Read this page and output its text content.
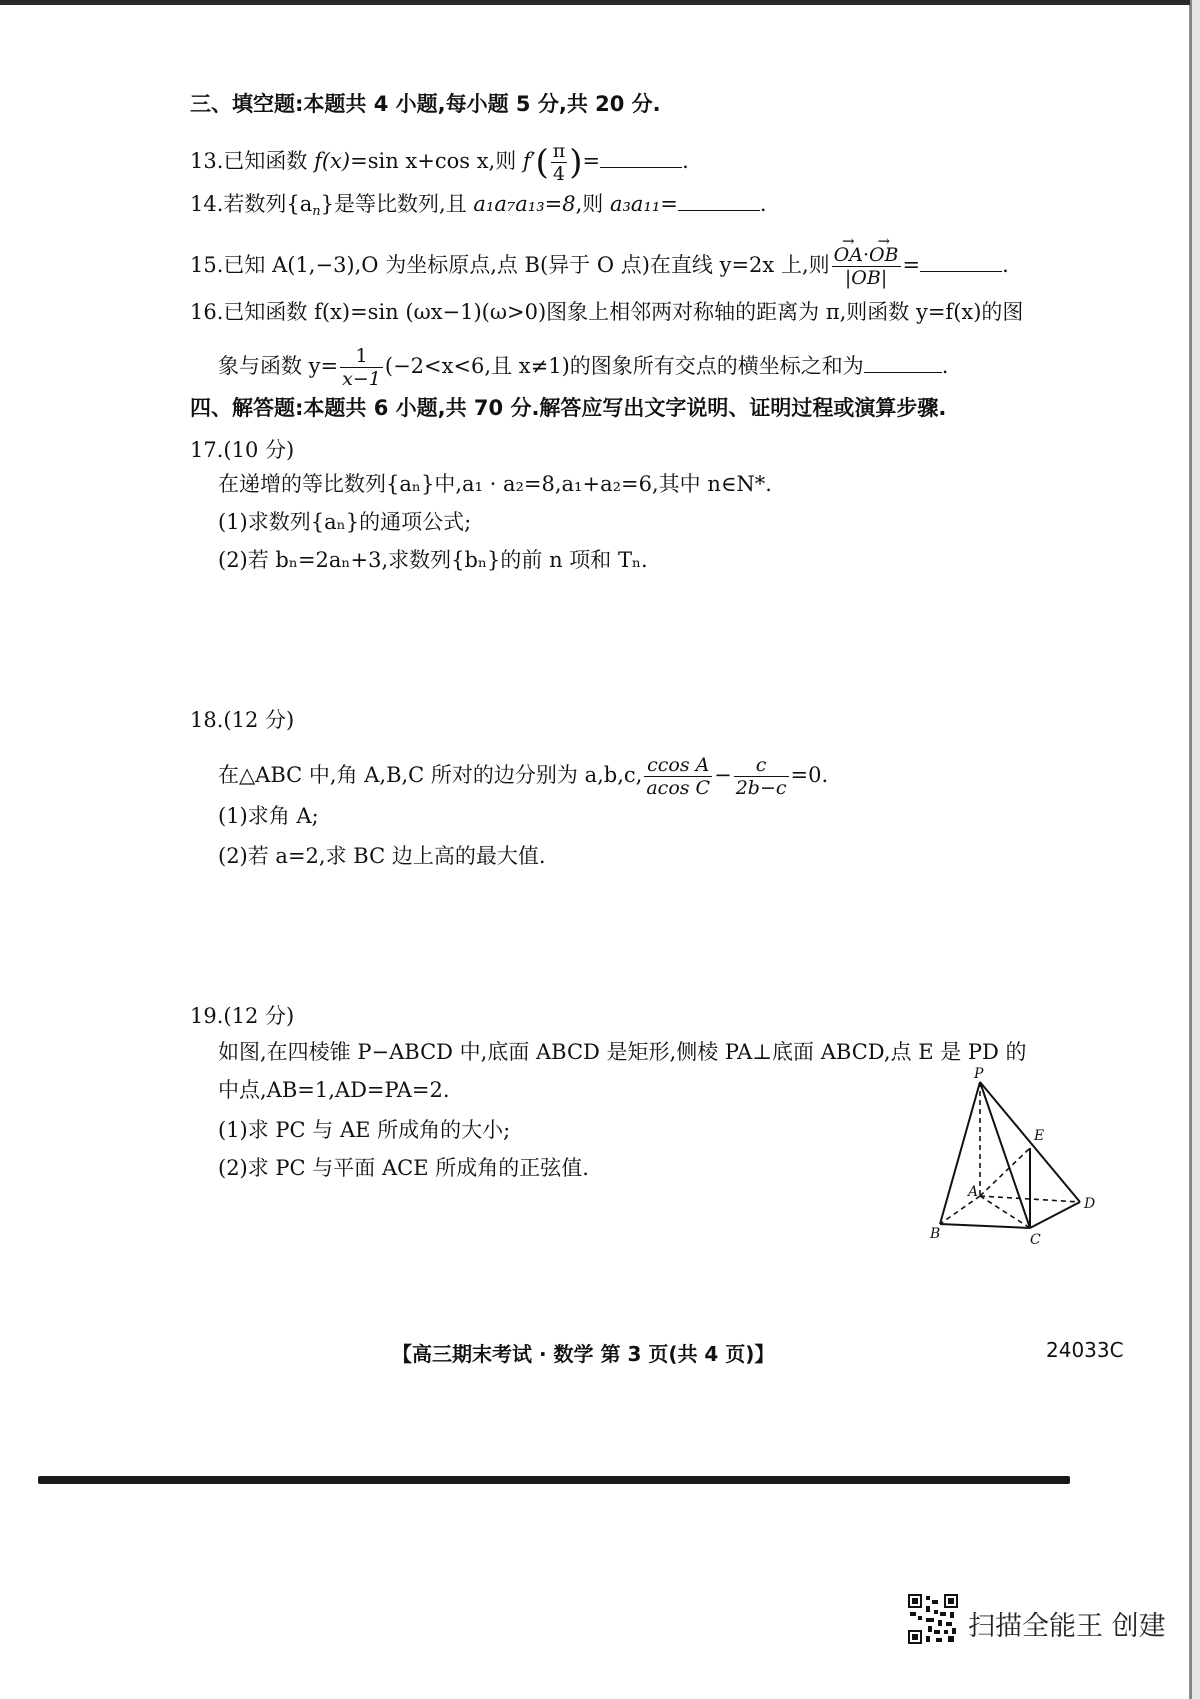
三、填空题:本题共 4 小题,每小题 5 分,共 20 分.
13.已知函数 f(x)=sin x+cos x,则 $f'( \frac{\pi}{4}$ )=	.
14.若数列$\{a_n\}$是等比数列,且 a₁a₇a₁₃=8,则 a₃a₁₁=	.
15.已知 A(1,−3),O 为坐标原点,点 B(异于 O 点)在直线 y=2x 上,则
→ $\frac{OA\cdot\to OB}{|OB|}$ =	.
16.已知函数 f(x)=sin (ωx−1)(ω>0)图象上相邻两对称轴的距离为 π,则函数 y=f(x)的图
象与函数 $y= \frac{1}{x-1} (-2<x<6$,且 x≠1)的图象所有交点的横坐标之和为	.
四、解答题:本题共 6 小题,共 70 分.解答应写出文字说明、证明过程或演算步骤.
17.(10 分)
在递增的等比数列{aₙ}中,a₁ · a₂=8,a₁+a₂=6,其中 n∈N*.
(1)求数列{aₙ}的通项公式;
(2)若 bₙ=2aₙ+3,求数列{bₙ}的前 n 项和 Tₙ.
18.(12 分)
在△ABC 中,角 A,B,C 所对的边分别为 a,b,c, $\frac{\text{ccos A}}{\text{acos C}} - \frac{c}{2b-c} =0$.
(1)求角 A;
(2)若 a=2,求 BC 边上高的最大值.
19.(12 分)
如图,在四棱锥 P−ABCD 中,底面 ABCD 是矩形,侧棱 PA⊥底面 ABCD,点 E 是 PD 的
中点,AB=1,AD=PA=2.
(1)求 PC 与 AE 所成角的大小;
(2)求 PC 与平面 ACE 所成角的正弦值.
P
E
A
D
B	C
【高三期末考试 · 数学 第 3 页(共 4 页)】	24033C
扫描全能王 创建
